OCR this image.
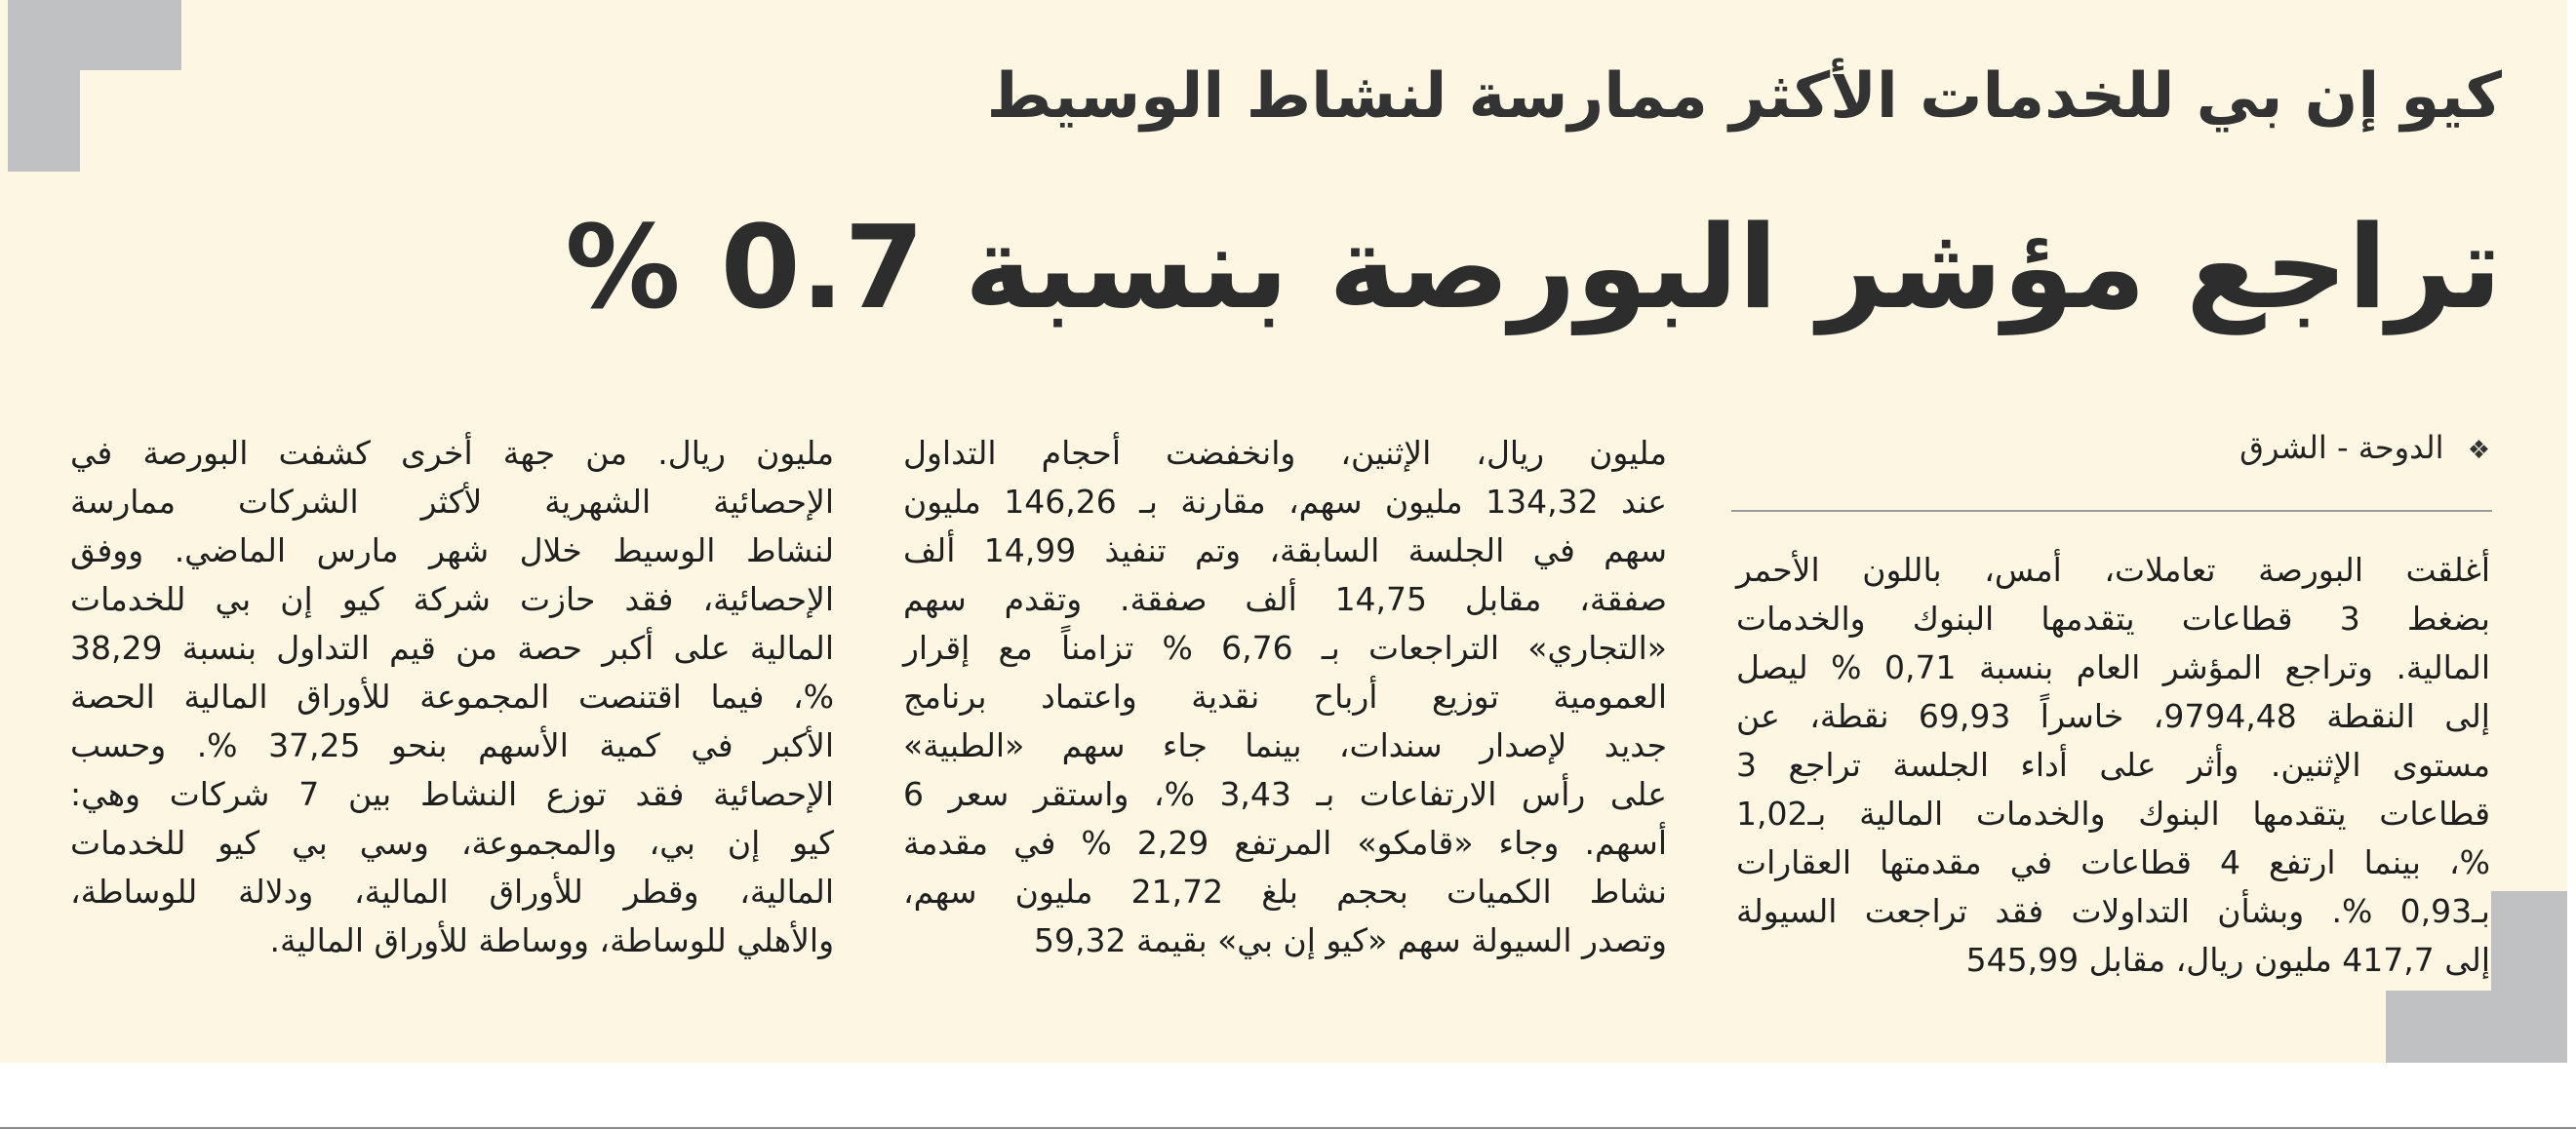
كيو إن بي للخدمات الأكثر ممارسة لنشاط الوسيط
تراجع مؤشر البورصة بنسبة 0.7 %
❖ الدوحة - الشرق
أغلقت البورصة تعاملات، أمس، باللون الأحمر
بضغط 3 قطاعات يتقدمها البنوك والخدمات
المالية. وتراجع المؤشر العام بنسبة 0,71 % ليصل
إلى النقطة 9794,48، خاسراً 69,93 نقطة، عن
مستوى الإثنين. وأثر على أداء الجلسة تراجع 3
قطاعات يتقدمها البنوك والخدمات المالية بـ1,02
%، بينما ارتفع 4 قطاعات في مقدمتها العقارات
بـ0,93 %. وبشأن التداولات فقد تراجعت السيولة
إلى 417,7 مليون ريال، مقابل 545,99
مليون ريال، الإثنين، وانخفضت أحجام التداول
عند 134,32 مليون سهم، مقارنة بـ 146,26 مليون
سهم في الجلسة السابقة، وتم تنفيذ 14,99 ألف
صفقة، مقابل 14,75 ألف صفقة. وتقدم سهم
«التجاري» التراجعات بـ 6,76 % تزامناً مع إقرار
العمومية توزيع أرباح نقدية واعتماد برنامج
جديد لإصدار سندات، بينما جاء سهم «الطبية»
على رأس الارتفاعات بـ 3,43 %، واستقر سعر 6
أسهم. وجاء «قامكو» المرتفع 2,29 % في مقدمة
نشاط الكميات بحجم بلغ 21,72 مليون سهم،
وتصدر السيولة سهم «كيو إن بي» بقيمة 59,32
مليون ريال. من جهة أخرى كشفت البورصة في
الإحصائية الشهرية لأكثر الشركات ممارسة
لنشاط الوسيط خلال شهر مارس الماضي. ووفق
الإحصائية، فقد حازت شركة كيو إن بي للخدمات
المالية على أكبر حصة من قيم التداول بنسبة 38,29
%، فيما اقتنصت المجموعة للأوراق المالية الحصة
الأكبر في كمية الأسهم بنحو 37,25 %. وحسب
الإحصائية فقد توزع النشاط بين 7 شركات وهي:
كيو إن بي، والمجموعة، وسي بي كيو للخدمات
المالية، وقطر للأوراق المالية، ودلالة للوساطة،
والأهلي للوساطة، ووساطة للأوراق المالية.
